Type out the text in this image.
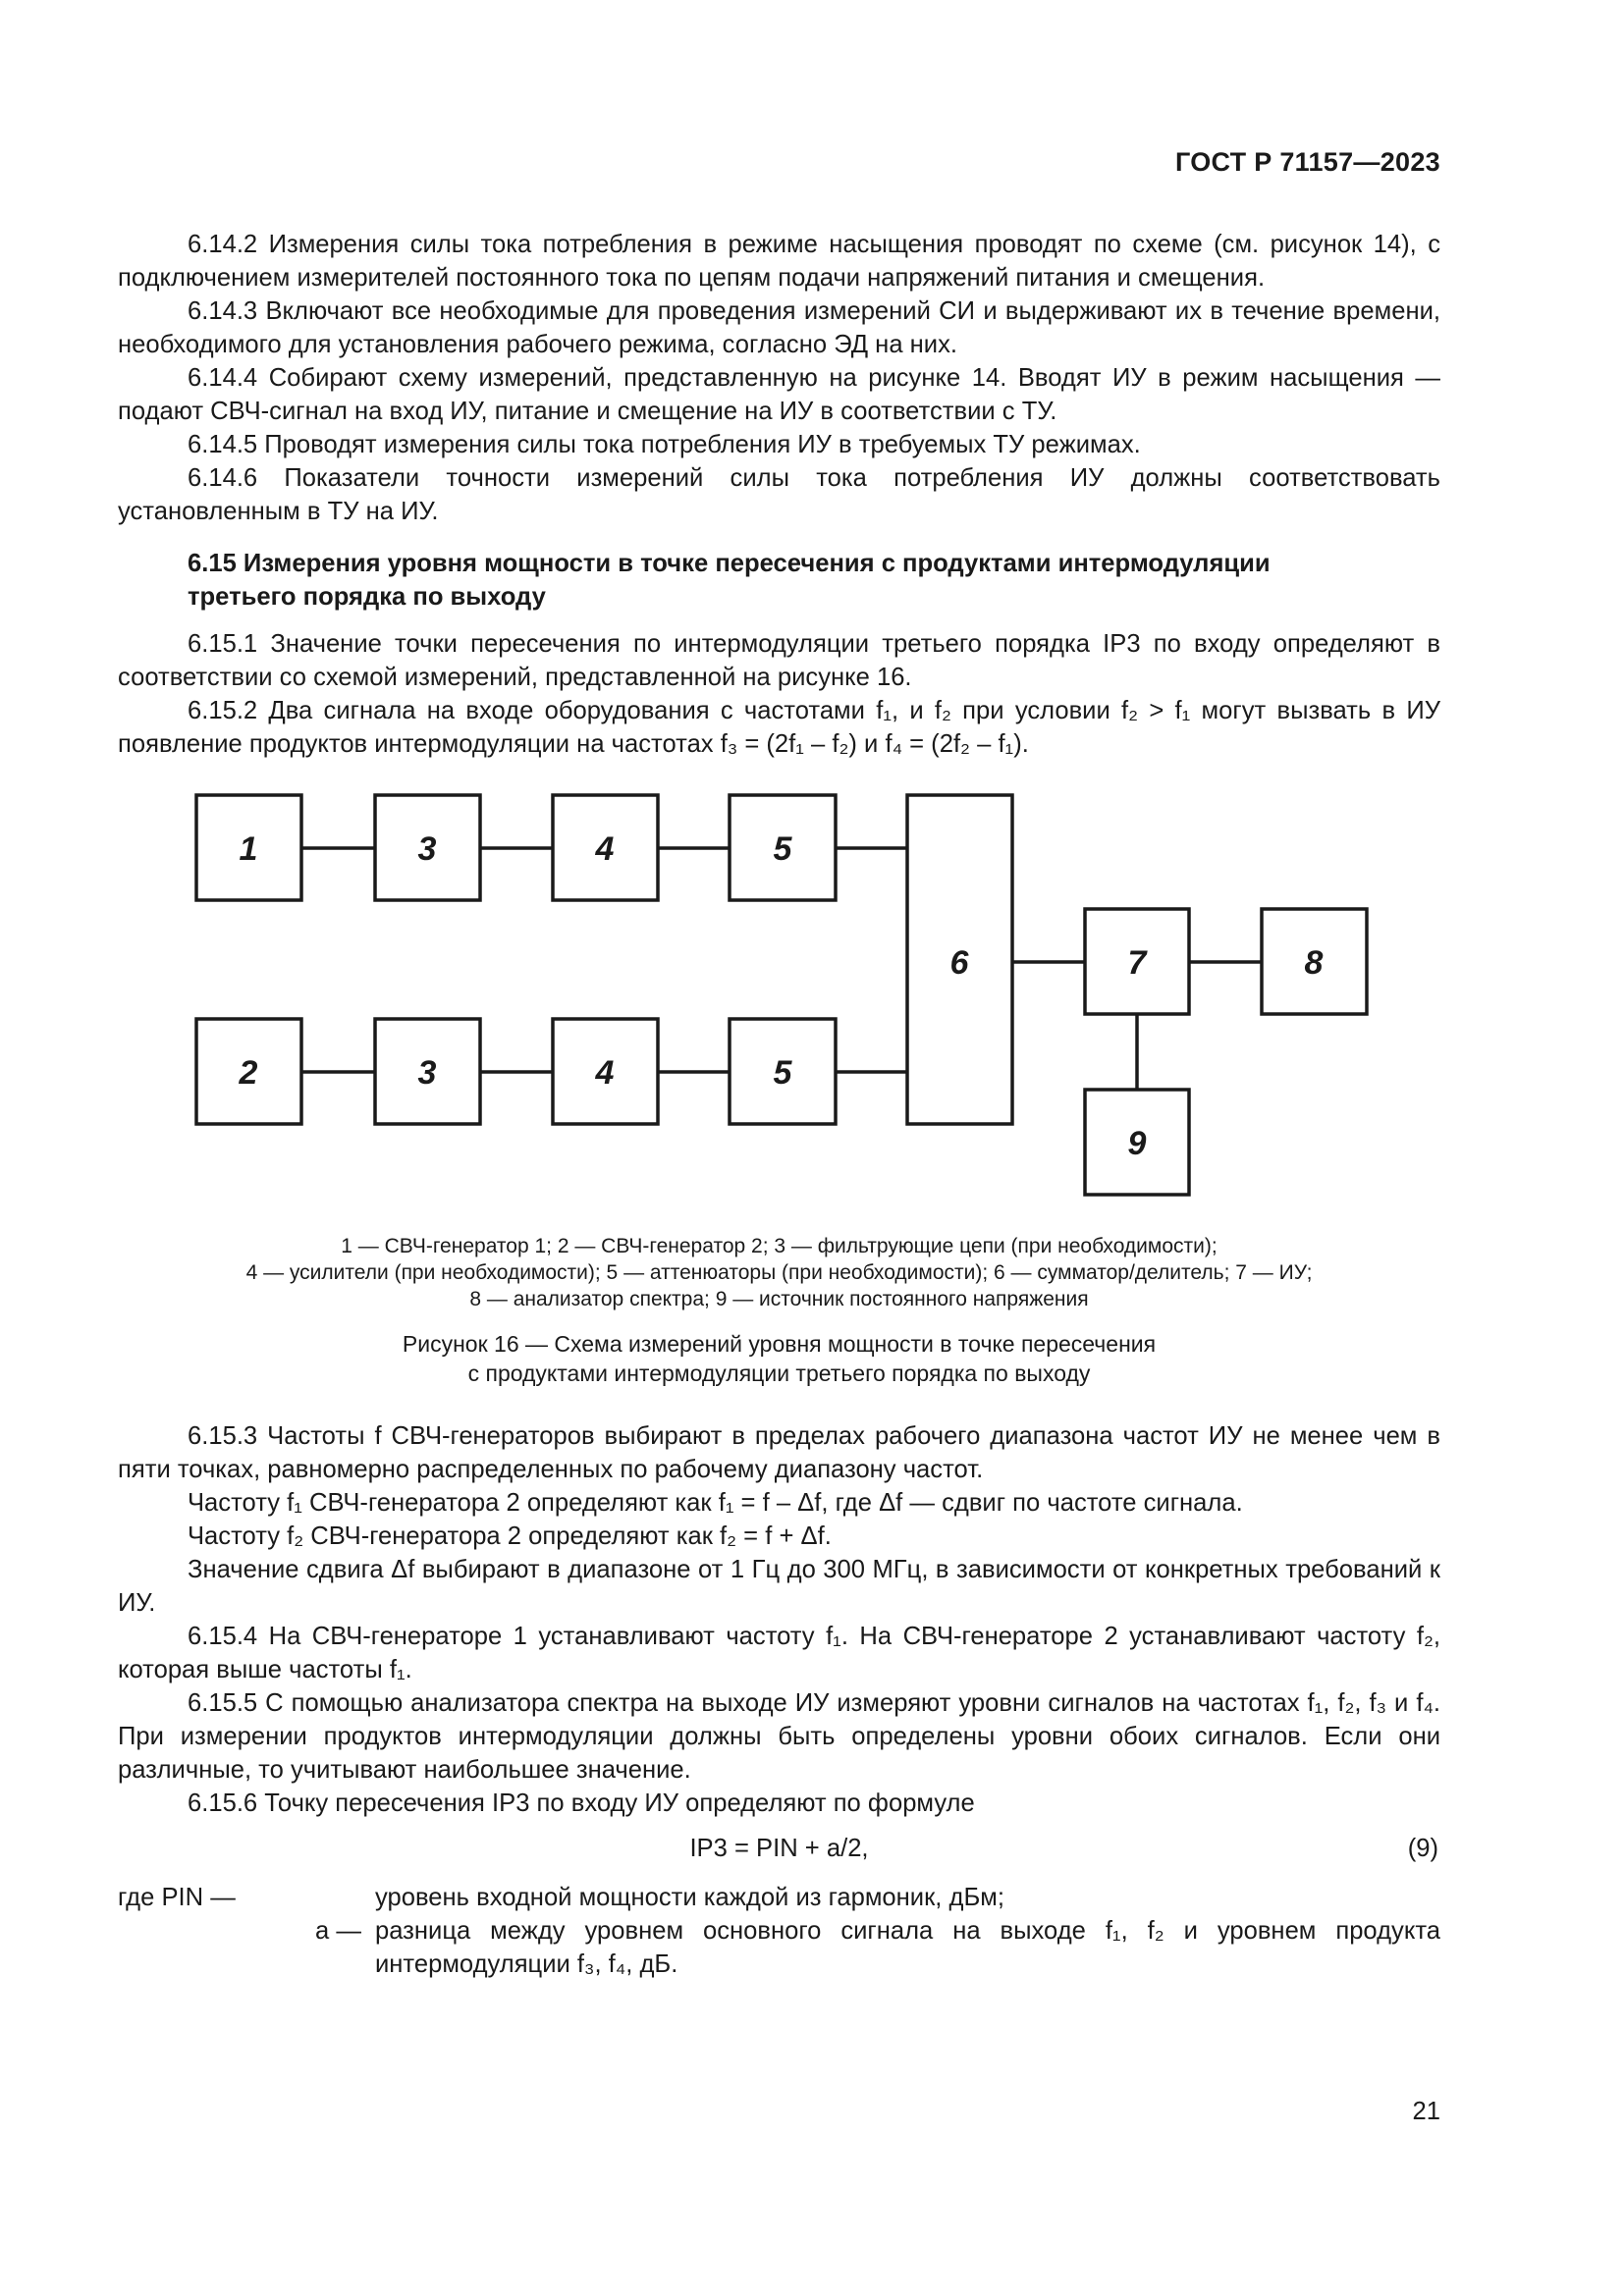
ГОСТ Р 71157—2023

6.14.2 Измерения силы тока потребления в режиме насыщения проводят по схеме (см. рисунок 14), с подключением измерителей постоянного тока по цепям подачи напряжений питания и смещения.

6.14.3 Включают все необходимые для проведения измерений СИ и выдерживают их в течение времени, необходимого для установления рабочего режима, согласно ЭД на них.

6.14.4 Собирают схему измерений, представленную на рисунке 14. Вводят ИУ в режим насыщения — подают СВЧ-сигнал на вход ИУ, питание и смещение на ИУ в соответствии с ТУ.

6.14.5 Проводят измерения силы тока потребления ИУ в требуемых ТУ режимах.

6.14.6 Показатели точности измерений силы тока потребления ИУ должны соответствовать установленным в ТУ на ИУ.

6.15 Измерения уровня мощности в точке пересечения с продуктами интермодуляции третьего порядка по выходу

6.15.1 Значение точки пересечения по интермодуляции третьего порядка IP3 по входу определяют в соответствии со схемой измерений, представленной на рисунке 16.

6.15.2 Два сигнала на входе оборудования с частотами f₁, и f₂ при условии f₂ > f₁ могут вызвать в ИУ появление продуктов интермодуляции на частотах f₃ = (2f₁ – f₂) и f₄ = (2f₂ – f₁).

1	3	4	5
2	3	4	5
6	7	8
9

1 — СВЧ-генератор 1; 2 — СВЧ-генератор 2; 3 — фильтрующие цепи (при необходимости);

4 — усилители (при необходимости); 5 — аттенюаторы (при необходимости); 6 — сумматор/делитель; 7 — ИУ;

8 — анализатор спектра; 9 — источник постоянного напряжения

Рисунок 16 — Схема измерений уровня мощности в точке пересечения

с продуктами интермодуляции третьего порядка по выходу

6.15.3 Частоты f СВЧ-генераторов выбирают в пределах рабочего диапазона частот ИУ не менее чем в пяти точках, равномерно распределенных по рабочему диапазону частот.

Частоту f₁ СВЧ-генератора 2 определяют как f₁ = f – Δf, где Δf — сдвиг по частоте сигнала.

Частоту f₂ СВЧ-генератора 2 определяют как f₂ = f + Δf.

Значение сдвига Δf выбирают в диапазоне от 1 Гц до 300 МГц, в зависимости от конкретных требований к ИУ.

6.15.4 На СВЧ-генераторе 1 устанавливают частоту f₁. На СВЧ-генераторе 2 устанавливают частоту f₂, которая выше частоты f₁.

6.15.5 С помощью анализатора спектра на выходе ИУ измеряют уровни сигналов на частотах f₁, f₂, f₃ и f₄. При измерении продуктов интермодуляции должны быть определены уровни обоих сигналов. Если они различные, то учитывают наибольшее значение.

6.15.6 Точку пересечения IP3 по входу ИУ определяют по формуле

IP3 = PIN + a/2,	(9)
где PIN —	уровень входной мощности каждой из гармоник, дБм;
a — разница между уровнем основного сигнала на выходе f₁, f₂ и уровнем продукта интермодуляции f₃, f₄, дБ.
21
